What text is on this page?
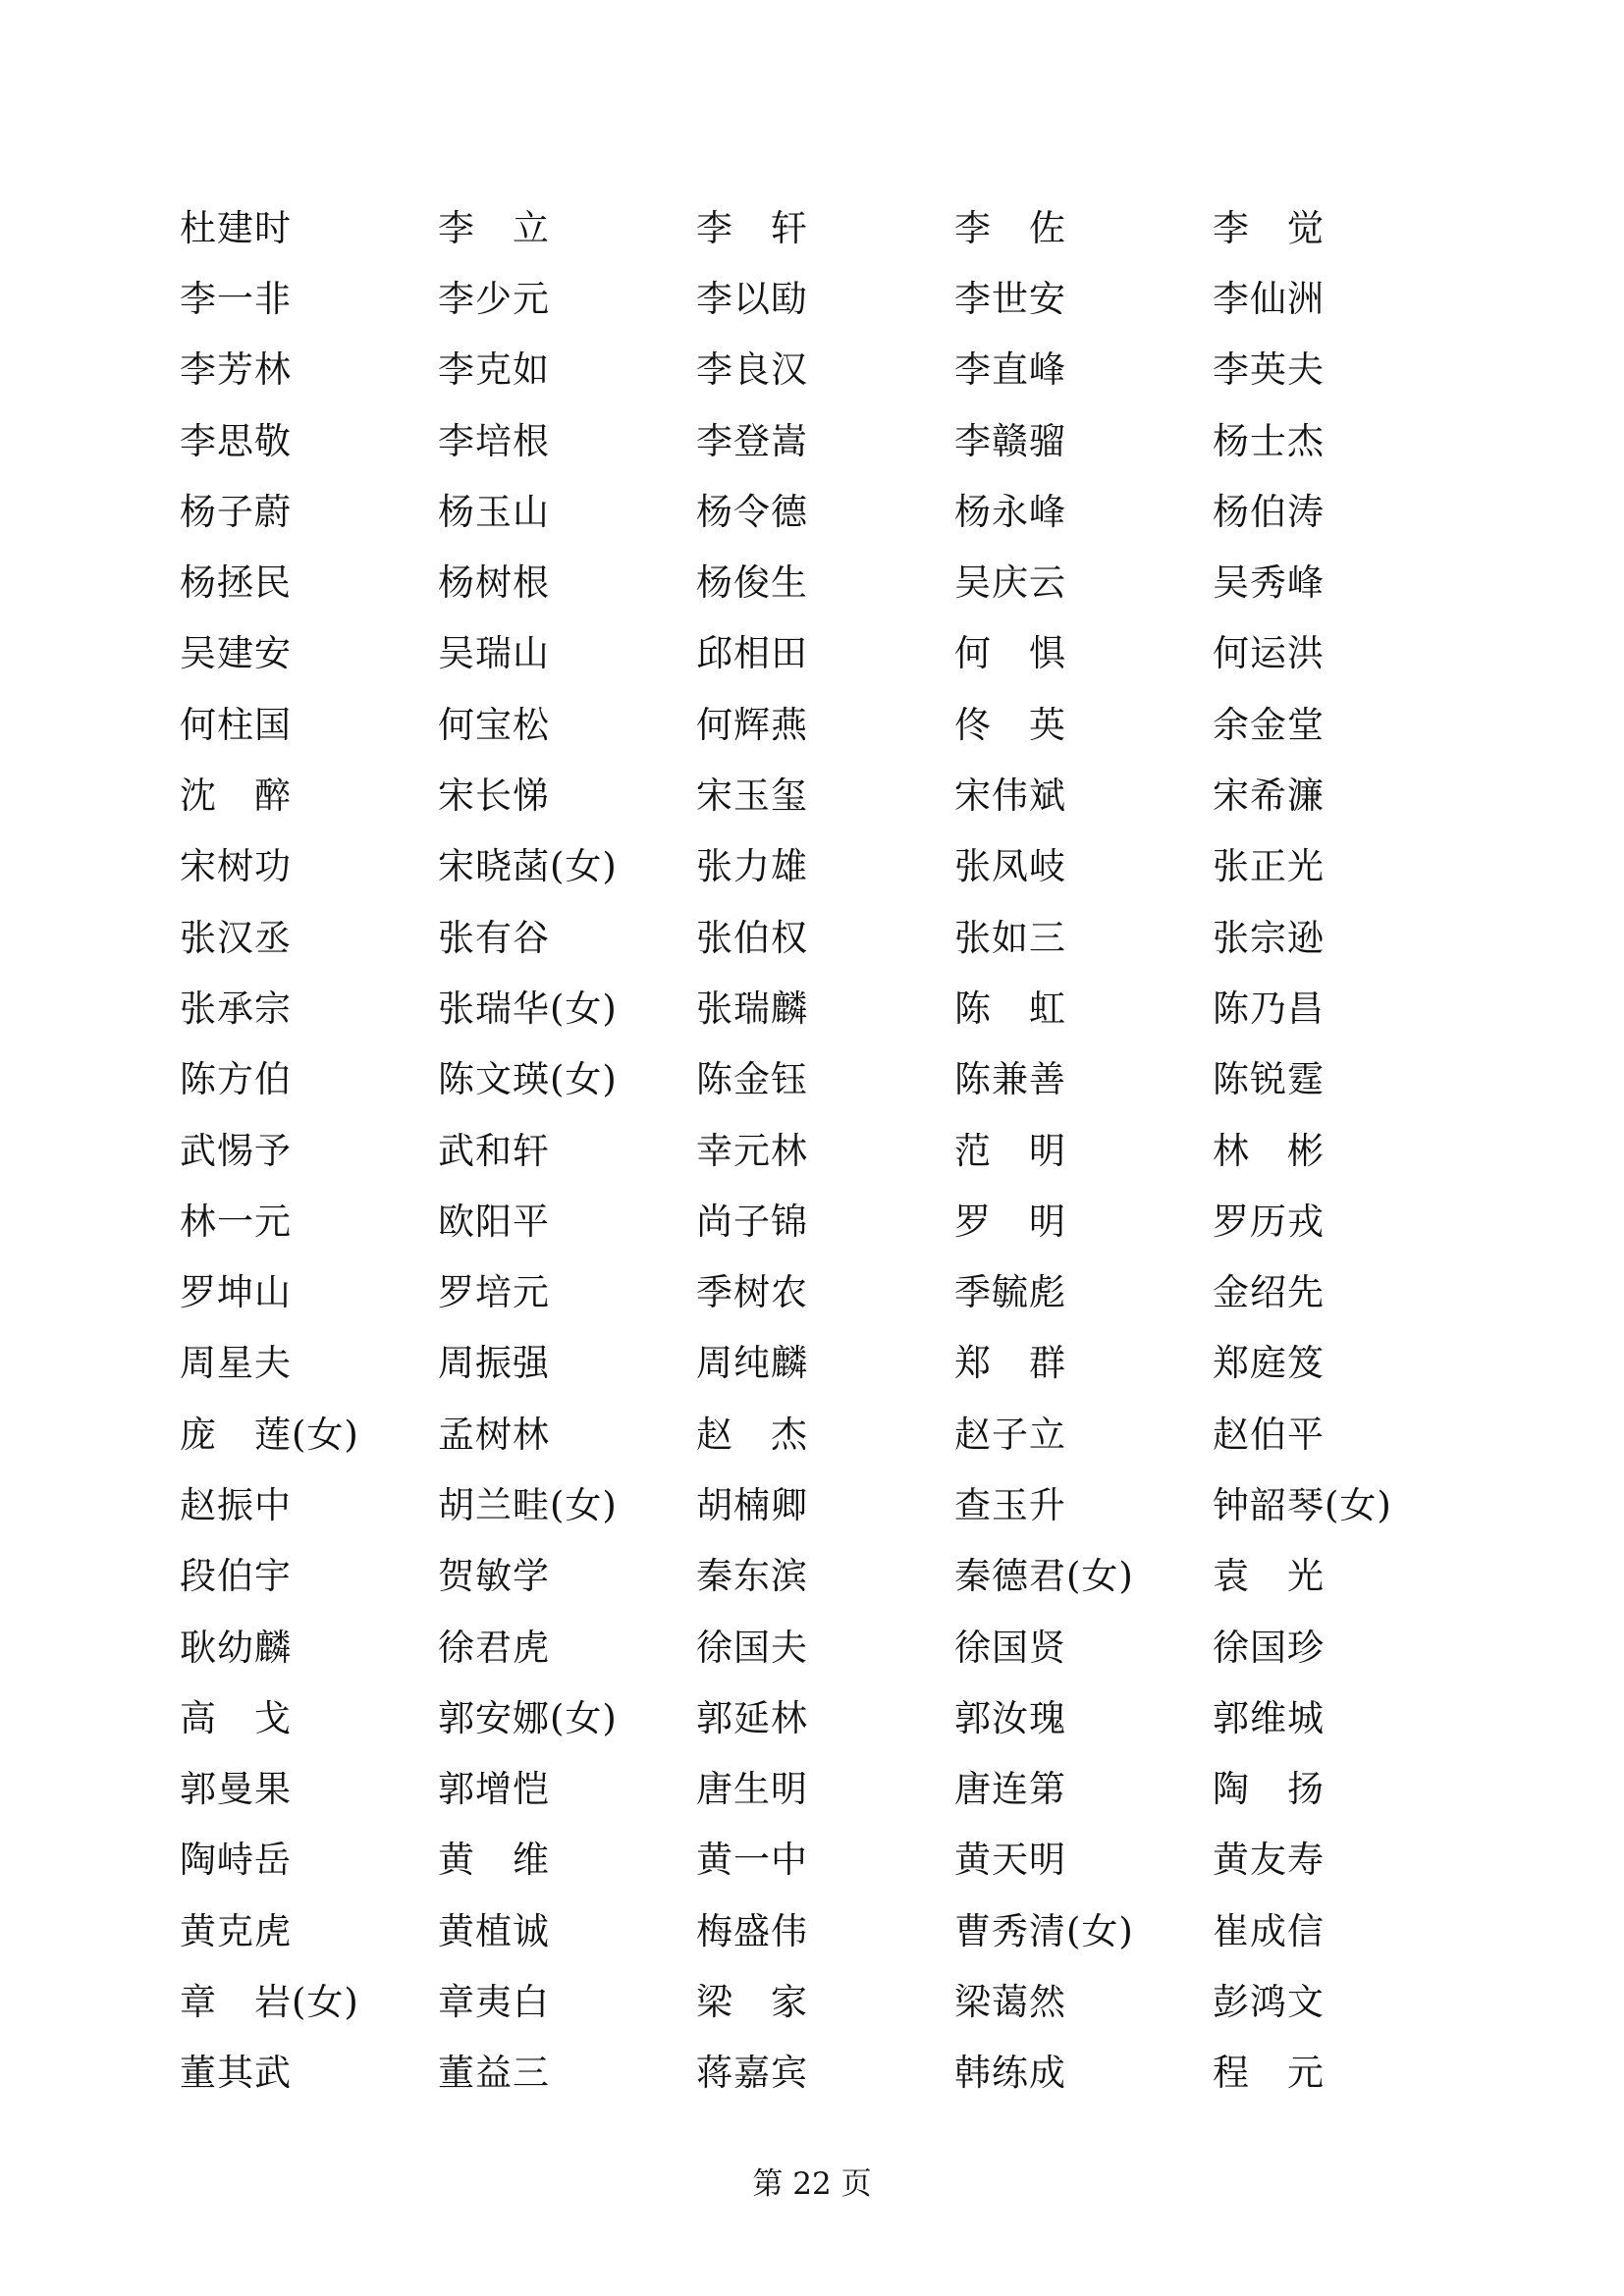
杜建时	李　立	李　轩	李　佐	李　觉
李一非	李少元	李以劻	李世安	李仙洲
李芳林	李克如	李良汉	李直峰	李英夫
李思敬	李培根	李登嵩	李赣骝	杨士杰
杨子蔚	杨玉山	杨令德	杨永峰	杨伯涛
杨拯民	杨树根	杨俊生	吴庆云	吴秀峰
吴建安	吴瑞山	邱相田	何　惧	何运洪
何柱国	何宝松	何辉燕	佟　英	余金堂
沈　醉	宋长悌	宋玉玺	宋伟斌	宋希濂
宋树功	宋晓菡(女)	张力雄	张凤岐	张正光
张汉丞	张有谷	张伯权	张如三	张宗逊
张承宗	张瑞华(女)	张瑞麟	陈　虹	陈乃昌
陈方伯	陈文瑛(女)	陈金钰	陈兼善	陈锐霆
武惕予	武和轩	幸元林	范　明	林　彬
林一元	欧阳平	尚子锦	罗　明	罗历戎
罗坤山	罗培元	季树农	季毓彪	金绍先
周星夫	周振强	周纯麟	郑　群	郑庭笈
庞　莲(女)	孟树林	赵　杰	赵子立	赵伯平
赵振中	胡兰畦(女)	胡楠卿	查玉升	钟韶琴(女)
段伯宇	贺敏学	秦东滨	秦德君(女)	袁　光
耿幼麟	徐君虎	徐国夫	徐国贤	徐国珍
高　戈	郭安娜(女)	郭延林	郭汝瑰	郭维城
郭曼果	郭增恺	唐生明	唐连第	陶　扬
陶峙岳	黄　维	黄一中	黄天明	黄友寿
黄克虎	黄植诚	梅盛伟	曹秀清(女)	崔成信
章　岩(女)	章夷白	梁　家	梁蔼然	彭鸿文
董其武	董益三	蒋嘉宾	韩练成	程　元
第 22 页
